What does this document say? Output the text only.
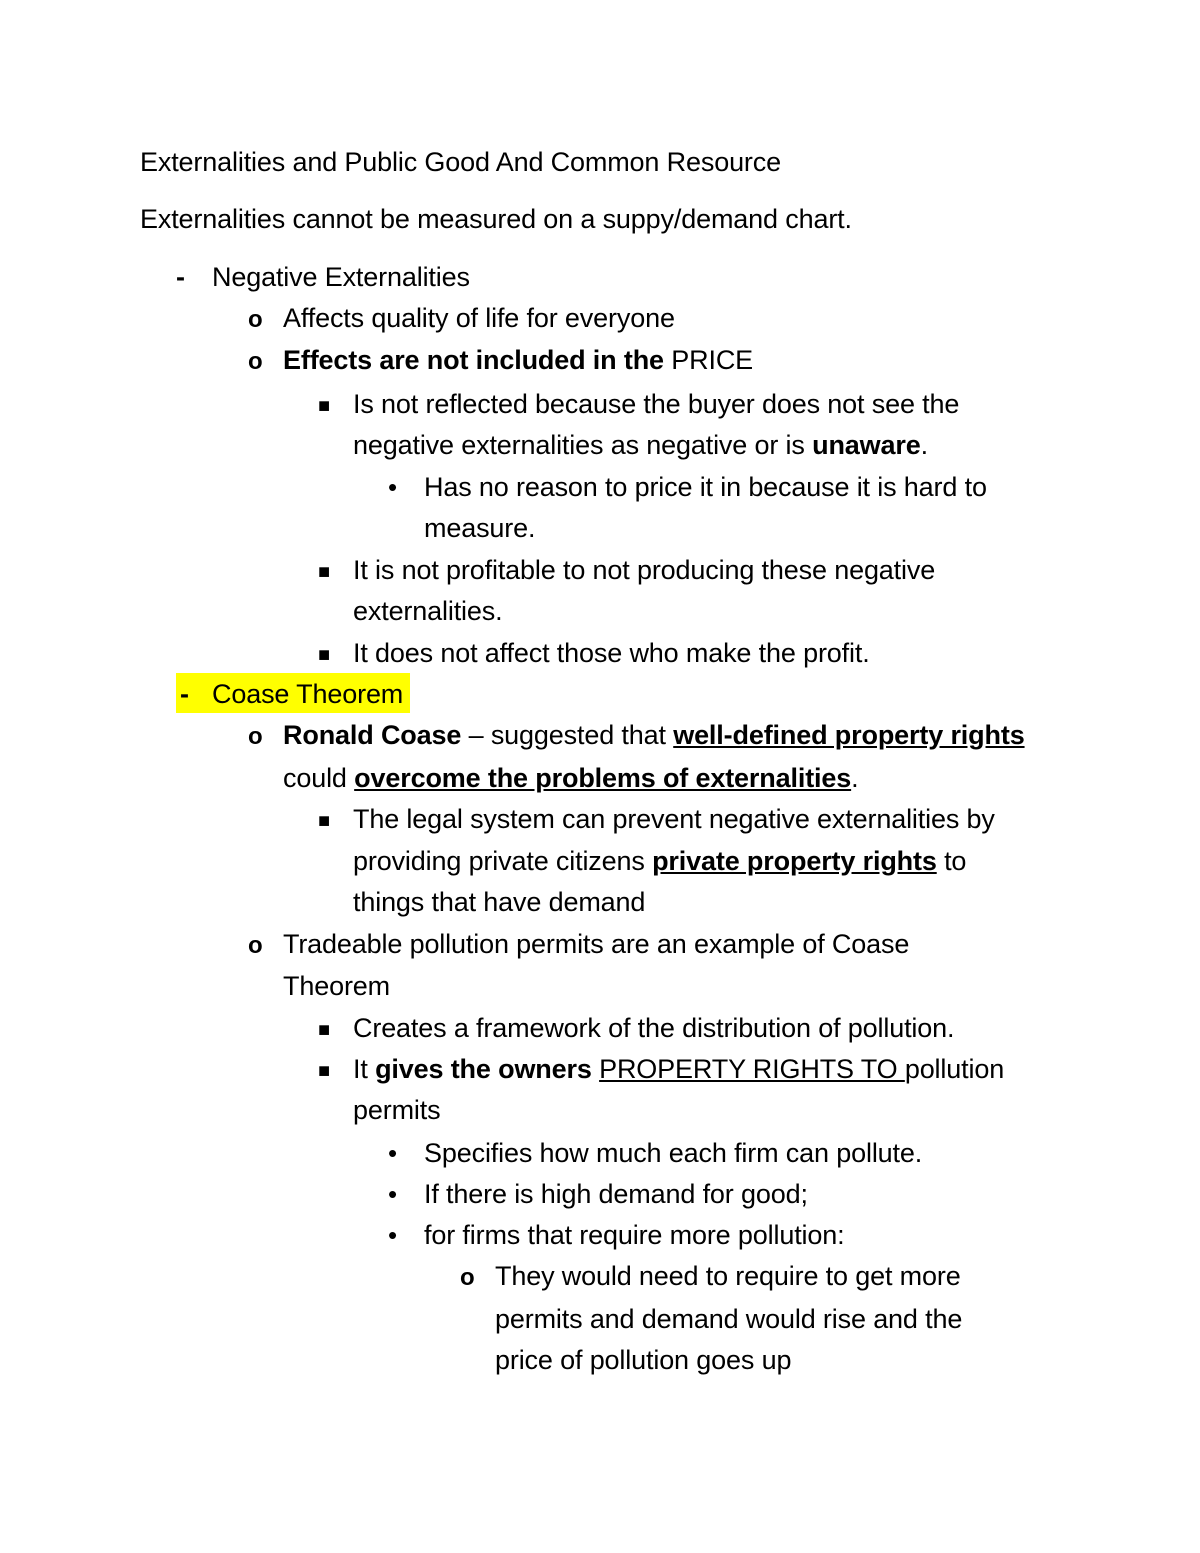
Externalities and Public Good And Common Resource
Externalities cannot be measured on a suppy/demand chart.
- Negative Externalities
o Affects quality of life for everyone
o Effects are not included in the PRICE
■ Is not reflected because the buyer does not see the
negative externalities as negative or is unaware.
• Has no reason to price it in because it is hard to
measure.
■ It is not profitable to not producing these negative
externalities.
■ It does not affect those who make the profit.
- Coase Theorem
o Ronald Coase – suggested that well-defined property rights
could overcome the problems of externalities.
■ The legal system can prevent negative externalities by
providing private citizens private property rights to
things that have demand
o Tradeable pollution permits are an example of Coase
Theorem
■ Creates a framework of the distribution of pollution.
■ It gives the owners PROPERTY RIGHTS TO pollution
permits
• Specifies how much each firm can pollute.
• If there is high demand for good;
• for firms that require more pollution:
o They would need to require to get more
permits and demand would rise and the
price of pollution goes up
